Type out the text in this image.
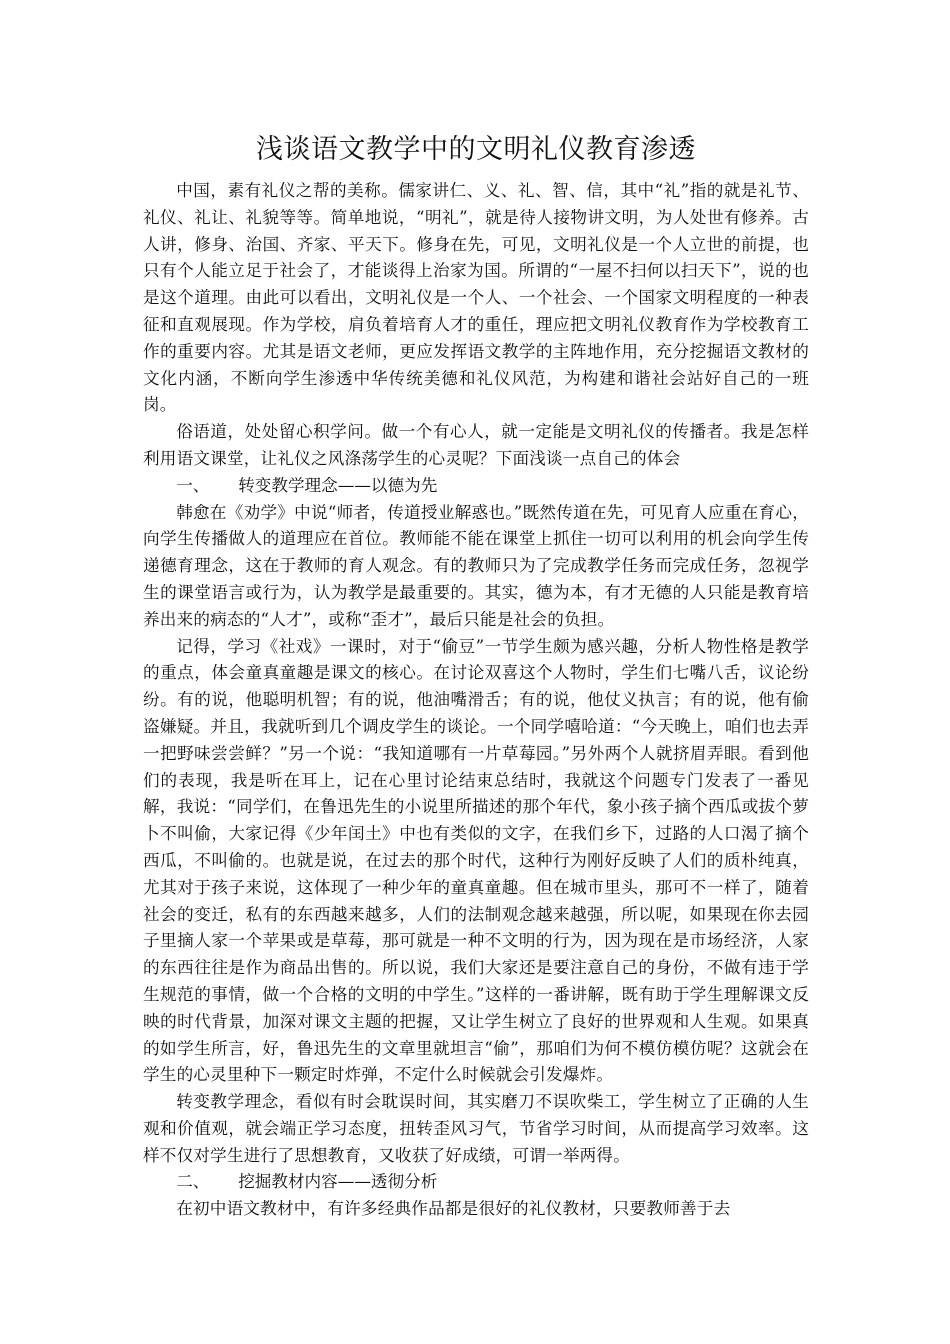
浅谈语文教学中的文明礼仪教育渗透

中国，素有礼仪之帮的美称。儒家讲仁、义、礼、智、信，其中“礼”指的就是礼节、礼仪、礼让、礼貌等等。简单地说，“明礼”，就是待人接物讲文明，为人处世有修养。古人讲，修身、治国、齐家、平天下。修身在先，可见，文明礼仪是一个人立世的前提，也只有个人能立足于社会了，才能谈得上治家为国。所谓的“一屋不扫何以扫天下”，说的也是这个道理。由此可以看出，文明礼仪是一个人、一个社会、一个国家文明程度的一种表征和直观展现。作为学校，肩负着培育人才的重任，理应把文明礼仪教育作为学校教育工作的重要内容。尤其是语文老师，更应发挥语文教学的主阵地作用，充分挖掘语文教材的文化内涵，不断向学生渗透中华传统美德和礼仪风范，为构建和谐社会站好自己的一班岗。

俗语道，处处留心积学问。做一个有心人，就一定能是文明礼仪的传播者。我是怎样利用语文课堂，让礼仪之风涤荡学生的心灵呢？下面浅谈一点自己的体会

一、 转变教学理念——以德为先

韩愈在《劝学》中说“师者，传道授业解惑也。”既然传道在先，可见育人应重在育心，向学生传播做人的道理应在首位。教师能不能在课堂上抓住一切可以利用的机会向学生传递德育理念，这在于教师的育人观念。有的教师只为了完成教学任务而完成任务，忽视学生的课堂语言或行为，认为教学是最重要的。其实，德为本，有才无德的人只能是教育培养出来的病态的“人才”，或称“歪才”，最后只能是社会的负担。

记得，学习《社戏》一课时，对于“偷豆”一节学生颇为感兴趣，分析人物性格是教学的重点，体会童真童趣是课文的核心。在讨论双喜这个人物时，学生们七嘴八舌，议论纷纷。有的说，他聪明机智；有的说，他油嘴滑舌；有的说，他仗义执言；有的说，他有偷盗嫌疑。并且，我就听到几个调皮学生的谈论。一个同学嘻哈道：“今天晚上，咱们也去弄一把野味尝尝鲜？”另一个说：“我知道哪有一片草莓园。”另外两个人就挤眉弄眼。看到他们的表现，我是听在耳上，记在心里讨论结束总结时，我就这个问题专门发表了一番见解，我说：“同学们，在鲁迅先生的小说里所描述的那个年代，象小孩子摘个西瓜或拔个萝卜不叫偷，大家记得《少年闰土》中也有类似的文字，在我们乡下，过路的人口渴了摘个西瓜，不叫偷的。也就是说，在过去的那个时代，这种行为刚好反映了人们的质朴纯真，尤其对于孩子来说，这体现了一种少年的童真童趣。但在城市里头，那可不一样了，随着社会的变迁，私有的东西越来越多，人们的法制观念越来越强，所以呢，如果现在你去园子里摘人家一个苹果或是草莓，那可就是一种不文明的行为，因为现在是市场经济，人家的东西往往是作为商品出售的。所以说，我们大家还是要注意自己的身份，不做有违于学生规范的事情，做一个合格的文明的中学生。”这样的一番讲解，既有助于学生理解课文反映的时代背景，加深对课文主题的把握，又让学生树立了良好的世界观和人生观。如果真的如学生所言，好，鲁迅先生的文章里就坦言“偷”，那咱们为何不模仿模仿呢？这就会在学生的心灵里种下一颗定时炸弹，不定什么时候就会引发爆炸。

转变教学理念，看似有时会耽误时间，其实磨刀不误吹柴工，学生树立了正确的人生观和价值观，就会端正学习态度，扭转歪风习气，节省学习时间，从而提高学习效率。这样不仅对学生进行了思想教育，又收获了好成绩，可谓一举两得。

二、 挖掘教材内容——透彻分析

在初中语文教材中，有许多经典作品都是很好的礼仪教材，只要教师善于去
